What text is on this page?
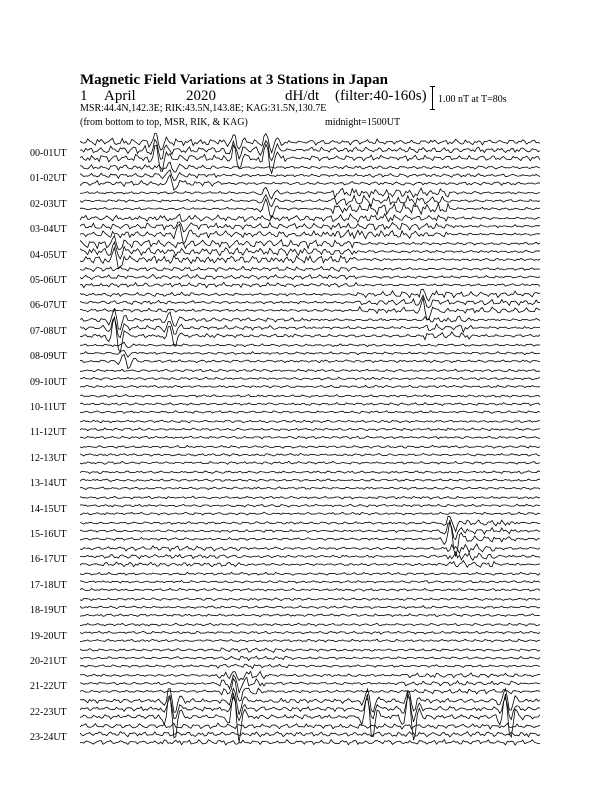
Magnetic Field Variations at 3 Stations in Japan
1 April	2020	dH/dt (filter:40-160s)
MSR:44.4N,142.3E; RIK:43.5N,143.8E; KAG:31.5N,130.7E
(from bottom to top, MSR, RIK, & KAG)	midnight=1500UT
1.00 nT at T=80s
00-01UT
01-02UT
02-03UT
03-04UT
04-05UT
05-06UT
06-07UT
07-08UT
08-09UT
09-10UT
10-11UT
11-12UT
12-13UT
13-14UT
14-15UT
15-16UT
16-17UT
17-18UT
18-19UT
19-20UT
20-21UT
21-22UT
22-23UT
23-24UT
